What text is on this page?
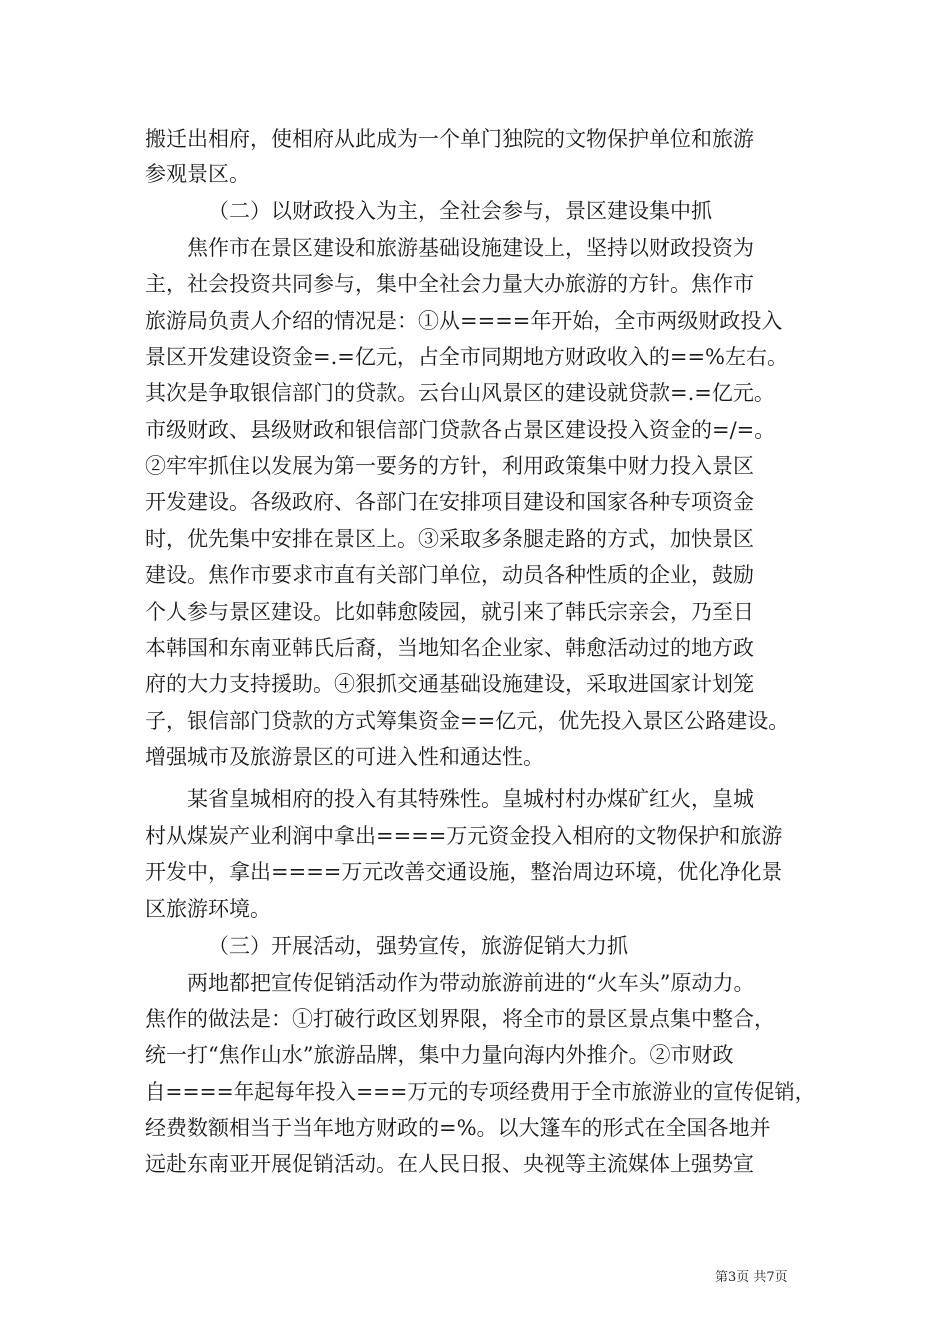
搬迁出相府，使相府从此成为一个单门独院的文物保护单位和旅游
参观景区。
（二）以财政投入为主，全社会参与，景区建设集中抓
焦作市在景区建设和旅游基础设施建设上，坚持以财政投资为
主，社会投资共同参与，集中全社会力量大办旅游的方针。焦作市
旅游局负责人介绍的情况是：①从====年开始，全市两级财政投入
景区开发建设资金=.=亿元，占全市同期地方财政收入的==%左右。
其次是争取银信部门的贷款。云台山风景区的建设就贷款=.=亿元。
市级财政、县级财政和银信部门贷款各占景区建设投入资金的=/=。
②牢牢抓住以发展为第一要务的方针，利用政策集中财力投入景区
开发建设。各级政府、各部门在安排项目建设和国家各种专项资金
时，优先集中安排在景区上。③采取多条腿走路的方式，加快景区
建设。焦作市要求市直有关部门单位，动员各种性质的企业，鼓励
个人参与景区建设。比如韩愈陵园，就引来了韩氏宗亲会，乃至日
本韩国和东南亚韩氏后裔，当地知名企业家、韩愈活动过的地方政
府的大力支持援助。④狠抓交通基础设施建设，采取进国家计划笼
子，银信部门贷款的方式筹集资金==亿元，优先投入景区公路建设。
增强城市及旅游景区的可进入性和通达性。
某省皇城相府的投入有其特殊性。皇城村村办煤矿红火，皇城
村从煤炭产业利润中拿出====万元资金投入相府的文物保护和旅游
开发中，拿出====万元改善交通设施，整治周边环境，优化净化景
区旅游环境。
（三）开展活动，强势宣传，旅游促销大力抓
两地都把宣传促销活动作为带动旅游前进的“火车头”原动力。
焦作的做法是：①打破行政区划界限，将全市的景区景点集中整合，
统一打“焦作山水”旅游品牌，集中力量向海内外推介。②市财政
自====年起每年投入===万元的专项经费用于全市旅游业的宣传促销，
经费数额相当于当年地方财政的=%。以大篷车的形式在全国各地并
远赴东南亚开展促销活动。在人民日报、央视等主流媒体上强势宣
第3页 共7页
